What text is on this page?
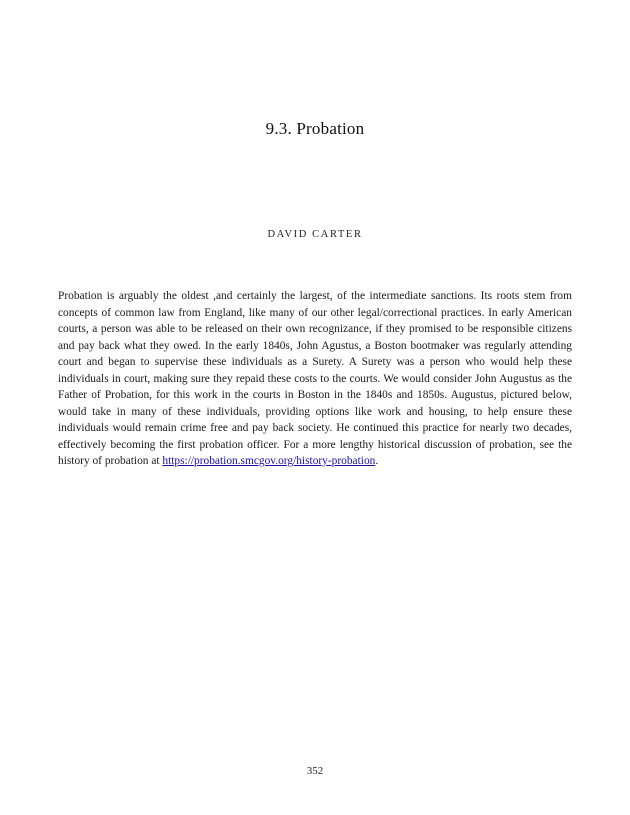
9.3. Probation
DAVID CARTER

Probation is arguably the oldest ,and certainly the largest, of the intermediate sanctions. Its roots stem from concepts of common law from England, like many of our other legal/correctional practices. In early American courts, a person was able to be released on their own recognizance, if they promised to be responsible citizens and pay back what they owed. In the early 1840s, John Agustus, a Boston bootmaker was regularly attending court and began to supervise these individuals as a Surety. A Surety was a person who would help these individuals in court, making sure they repaid these costs to the courts. We would consider John Augustus as the Father of Probation, for this work in the courts in Boston in the 1840s and 1850s. Augustus, pictured below, would take in many of these individuals, providing options like work and housing, to help ensure these individuals would remain crime free and pay back society. He continued this practice for nearly two decades, effectively becoming the first probation officer. For a more lengthy historical discussion of probation, see the history of probation at https://probation.smcgov.org/history-probation.

352
